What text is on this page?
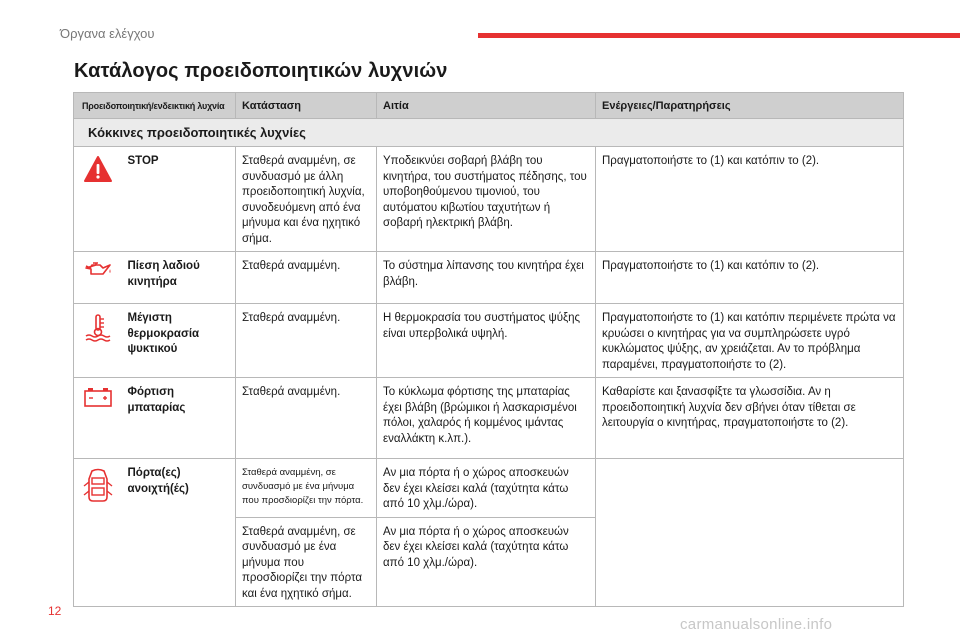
Όργανα ελέγχου
Κατάλογος προειδοποιητικών λυχνιών
Προειδοποιητική/ενδεικτική λυχνία		Κατάσταση	Αιτία	Ενέργειες/Παρατηρήσεις
Κόκκινες προειδοποιητικές λυχνίες				
	STOP	Σταθερά αναμμένη, σε συνδυασμό με άλλη προειδοποιητική λυχνία, συνοδευόμενη από ένα μήνυμα και ένα ηχητικό σήμα.	Υποδεικνύει σοβαρή βλάβη του κινητήρα, του συστήματος πέδησης, του υποβοηθούμενου τιμονιού, του αυτόματου κιβωτίου ταχυτήτων ή σοβαρή ηλεκτρική βλάβη.	Πραγματοποιήστε το (1) και κατόπιν το (2).
	Πίεση λαδιού κινητήρα	Σταθερά αναμμένη.	Το σύστημα λίπανσης του κινητήρα έχει βλάβη.	Πραγματοποιήστε το (1) και κατόπιν το (2).
	Μέγιστη θερμοκρασία ψυκτικού	Σταθερά αναμμένη.	Η θερμοκρασία του συστήματος ψύξης είναι υπερβολικά υψηλή.	Πραγματοποιήστε το (1) και κατόπιν περιμένετε πρώτα να κρυώσει ο κινητήρας για να συμπληρώσετε υγρό κυκλώματος ψύξης, αν χρειάζεται. Αν το πρόβλημα παραμένει, πραγματοποιήστε το (2).
	Φόρτιση μπαταρίας	Σταθερά αναμμένη.	Το κύκλωμα φόρτισης της μπαταρίας έχει βλάβη (βρώμικοι ή λασκαρισμένοι πόλοι, χαλαρός ή κομμένος ιμάντας εναλλάκτη κ.λπ.).	Καθαρίστε και ξανασφίξτε τα γλωσσίδια. Αν η προειδοποιητική λυχνία δεν σβήνει όταν τίθεται σε λειτουργία ο κινητήρας, πραγματοποιήστε το (2).
	Πόρτα(ες) ανοιχτή(ές)	Σταθερά αναμμένη, σε συνδυασμό με ένα μήνυμα που προσδιορίζει την πόρτα.	Αν μια πόρτα ή ο χώρος αποσκευών δεν έχει κλείσει καλά (ταχύτητα κάτω από 10 χλμ./ώρα).	
		Σταθερά αναμμένη, σε συνδυασμό με ένα μήνυμα που προσδιορίζει την πόρτα και ένα ηχητικό σήμα.	Αν μια πόρτα ή ο χώρος αποσκευών δεν έχει κλείσει καλά (ταχύτητα κάτω από 10 χλμ./ώρα).	
12
carmanualsonline.info
